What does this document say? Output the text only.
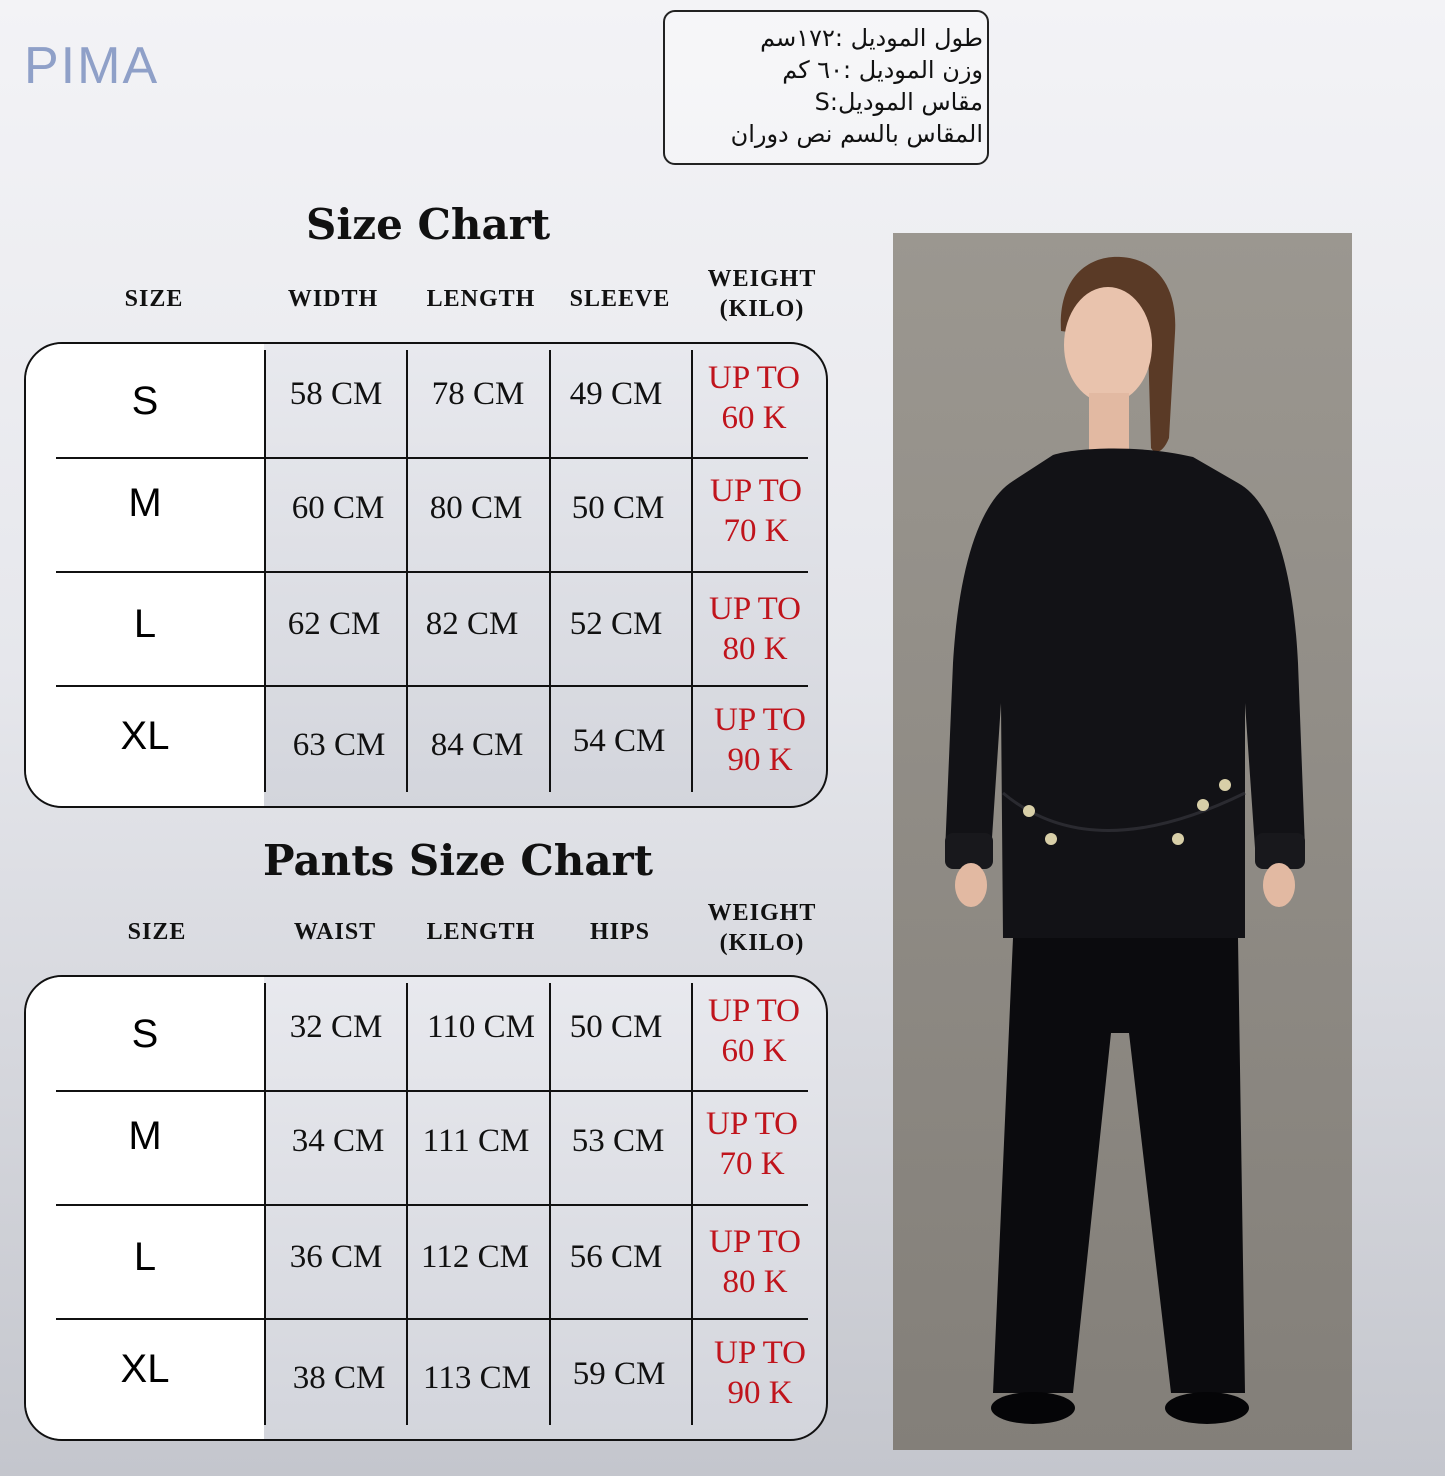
PIMA	طول الموديل :١٧٢سم
وزن الموديل :٦٠ كم
مقاس الموديل:S
المقاس بالسم نص دوران
Size Chart
SIZE	WIDTH	LENGTH	SLEEVE
WEIGHT
(KILO)
S	58 CM	78 CM	49 CM	UP TO
60 K
M	60 CM	80 CM	50 CM	UP TO
70 K
L	62 CM	82 CM	52 CM	UP TO
80 K
XL	63 CM	84 CM	54 CM
UP TO
90 K
Pants Size Chart
SIZE	WAIST	LENGTH	HIPS
WEIGHT
(KILO)
S	32 CM	110 CM	50 CM	UP TO
60 K
M	34 CM	111 CM	53 CM	UP TO
70 K
L	36 CM	112 CM	56 CM	UP TO
80 K
XL	38 CM	113 CM	59 CM
UP TO
90 K
